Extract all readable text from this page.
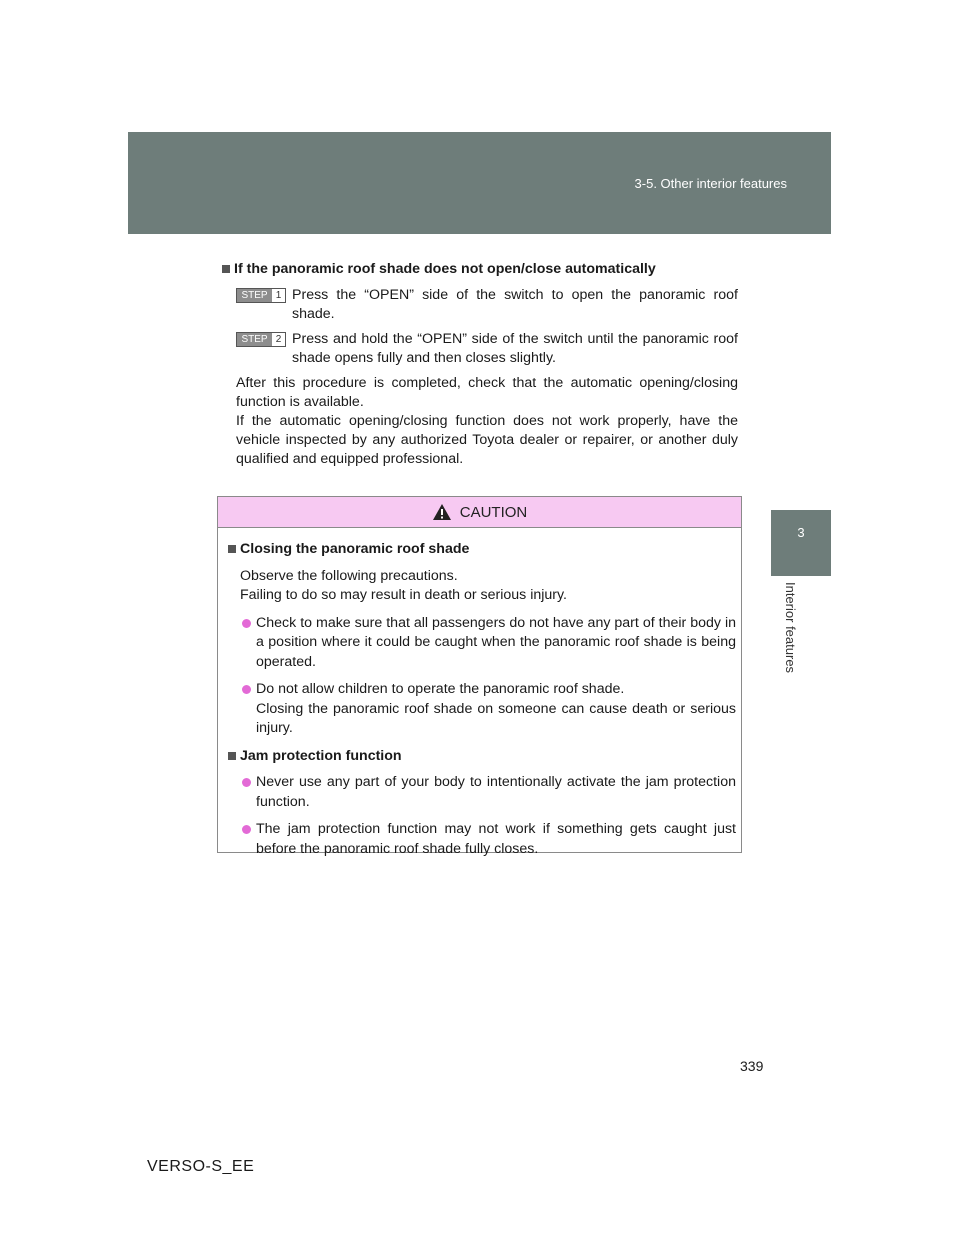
3-5. Other interior features
3
Interior features
If the panoramic roof shade does not open/close automatically
STEP 1 Press the “OPEN” side of the switch to open the panoramic roof shade.
STEP 2 Press and hold the “OPEN” side of the switch until the panoramic roof shade opens fully and then closes slightly.
After this procedure is completed, check that the automatic opening/closing function is available.
If the automatic opening/closing function does not work properly, have the vehicle inspected by any authorized Toyota dealer or repairer, or another duly qualified and equipped professional.
CAUTION
Closing the panoramic roof shade
Observe the following precautions.
Failing to do so may result in death or serious injury.
Check to make sure that all passengers do not have any part of their body in a position where it could be caught when the panoramic roof shade is being operated.
Do not allow children to operate the panoramic roof shade.
Closing the panoramic roof shade on someone can cause death or serious injury.
Jam protection function
Never use any part of your body to intentionally activate the jam protection function.
The jam protection function may not work if something gets caught just before the panoramic roof shade fully closes.
339
VERSO-S_EE
